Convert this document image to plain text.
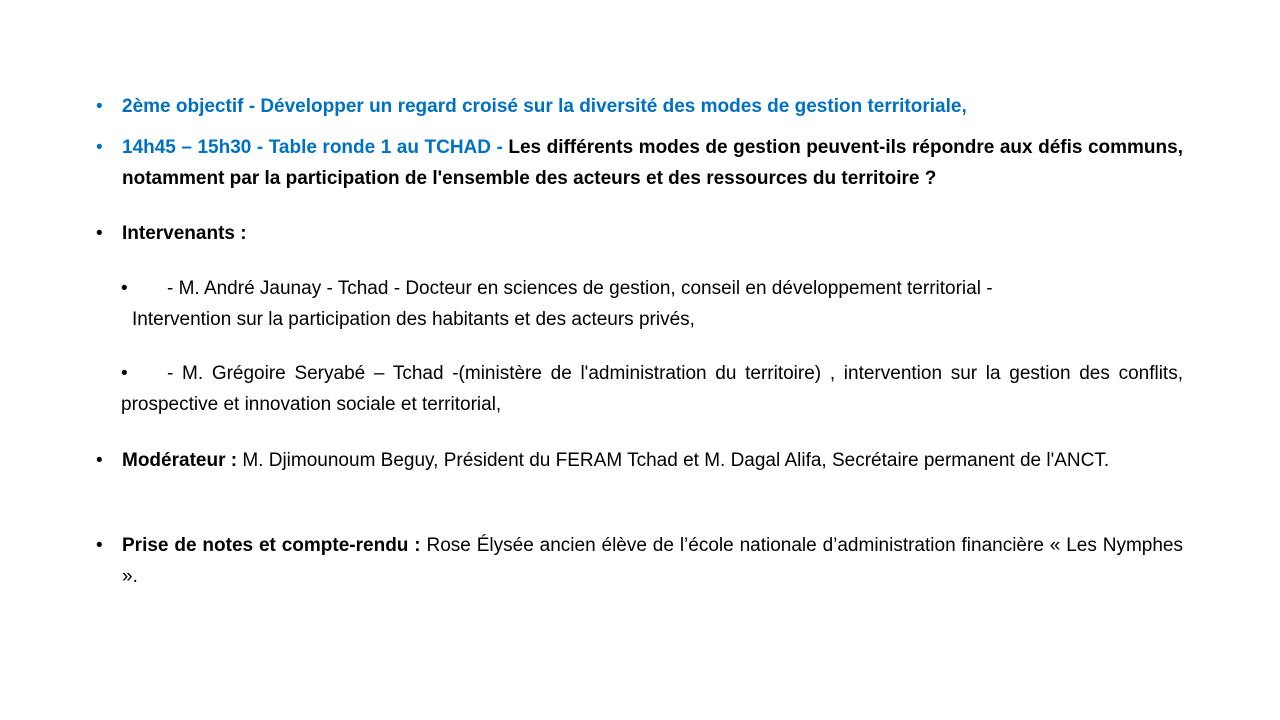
•	2ème objectif - Développer un regard croisé sur la diversité des modes de gestion territoriale,
•	14h45 – 15h30 - Table ronde 1 au TCHAD - Les différents modes de gestion peuvent-ils répondre aux défis communs, notamment par la participation de l'ensemble des acteurs et des ressources du territoire ?
•	Intervenants :
• - M. André Jaunay - Tchad - Docteur en sciences de gestion, conseil en développement territorial -
Intervention sur la participation des habitants et des acteurs privés,
• - M. Grégoire Seryabé – Tchad -(ministère de l'administration du territoire) , intervention sur la gestion des conflits, prospective et innovation sociale et territorial,
•	Modérateur : M. Djimounoum Beguy, Président du FERAM Tchad et M. Dagal Alifa, Secrétaire permanent de l'ANCT.
•	Prise de notes et compte-rendu : Rose Élysée ancien élève de l’école nationale d’administration financière « Les Nymphes ».
